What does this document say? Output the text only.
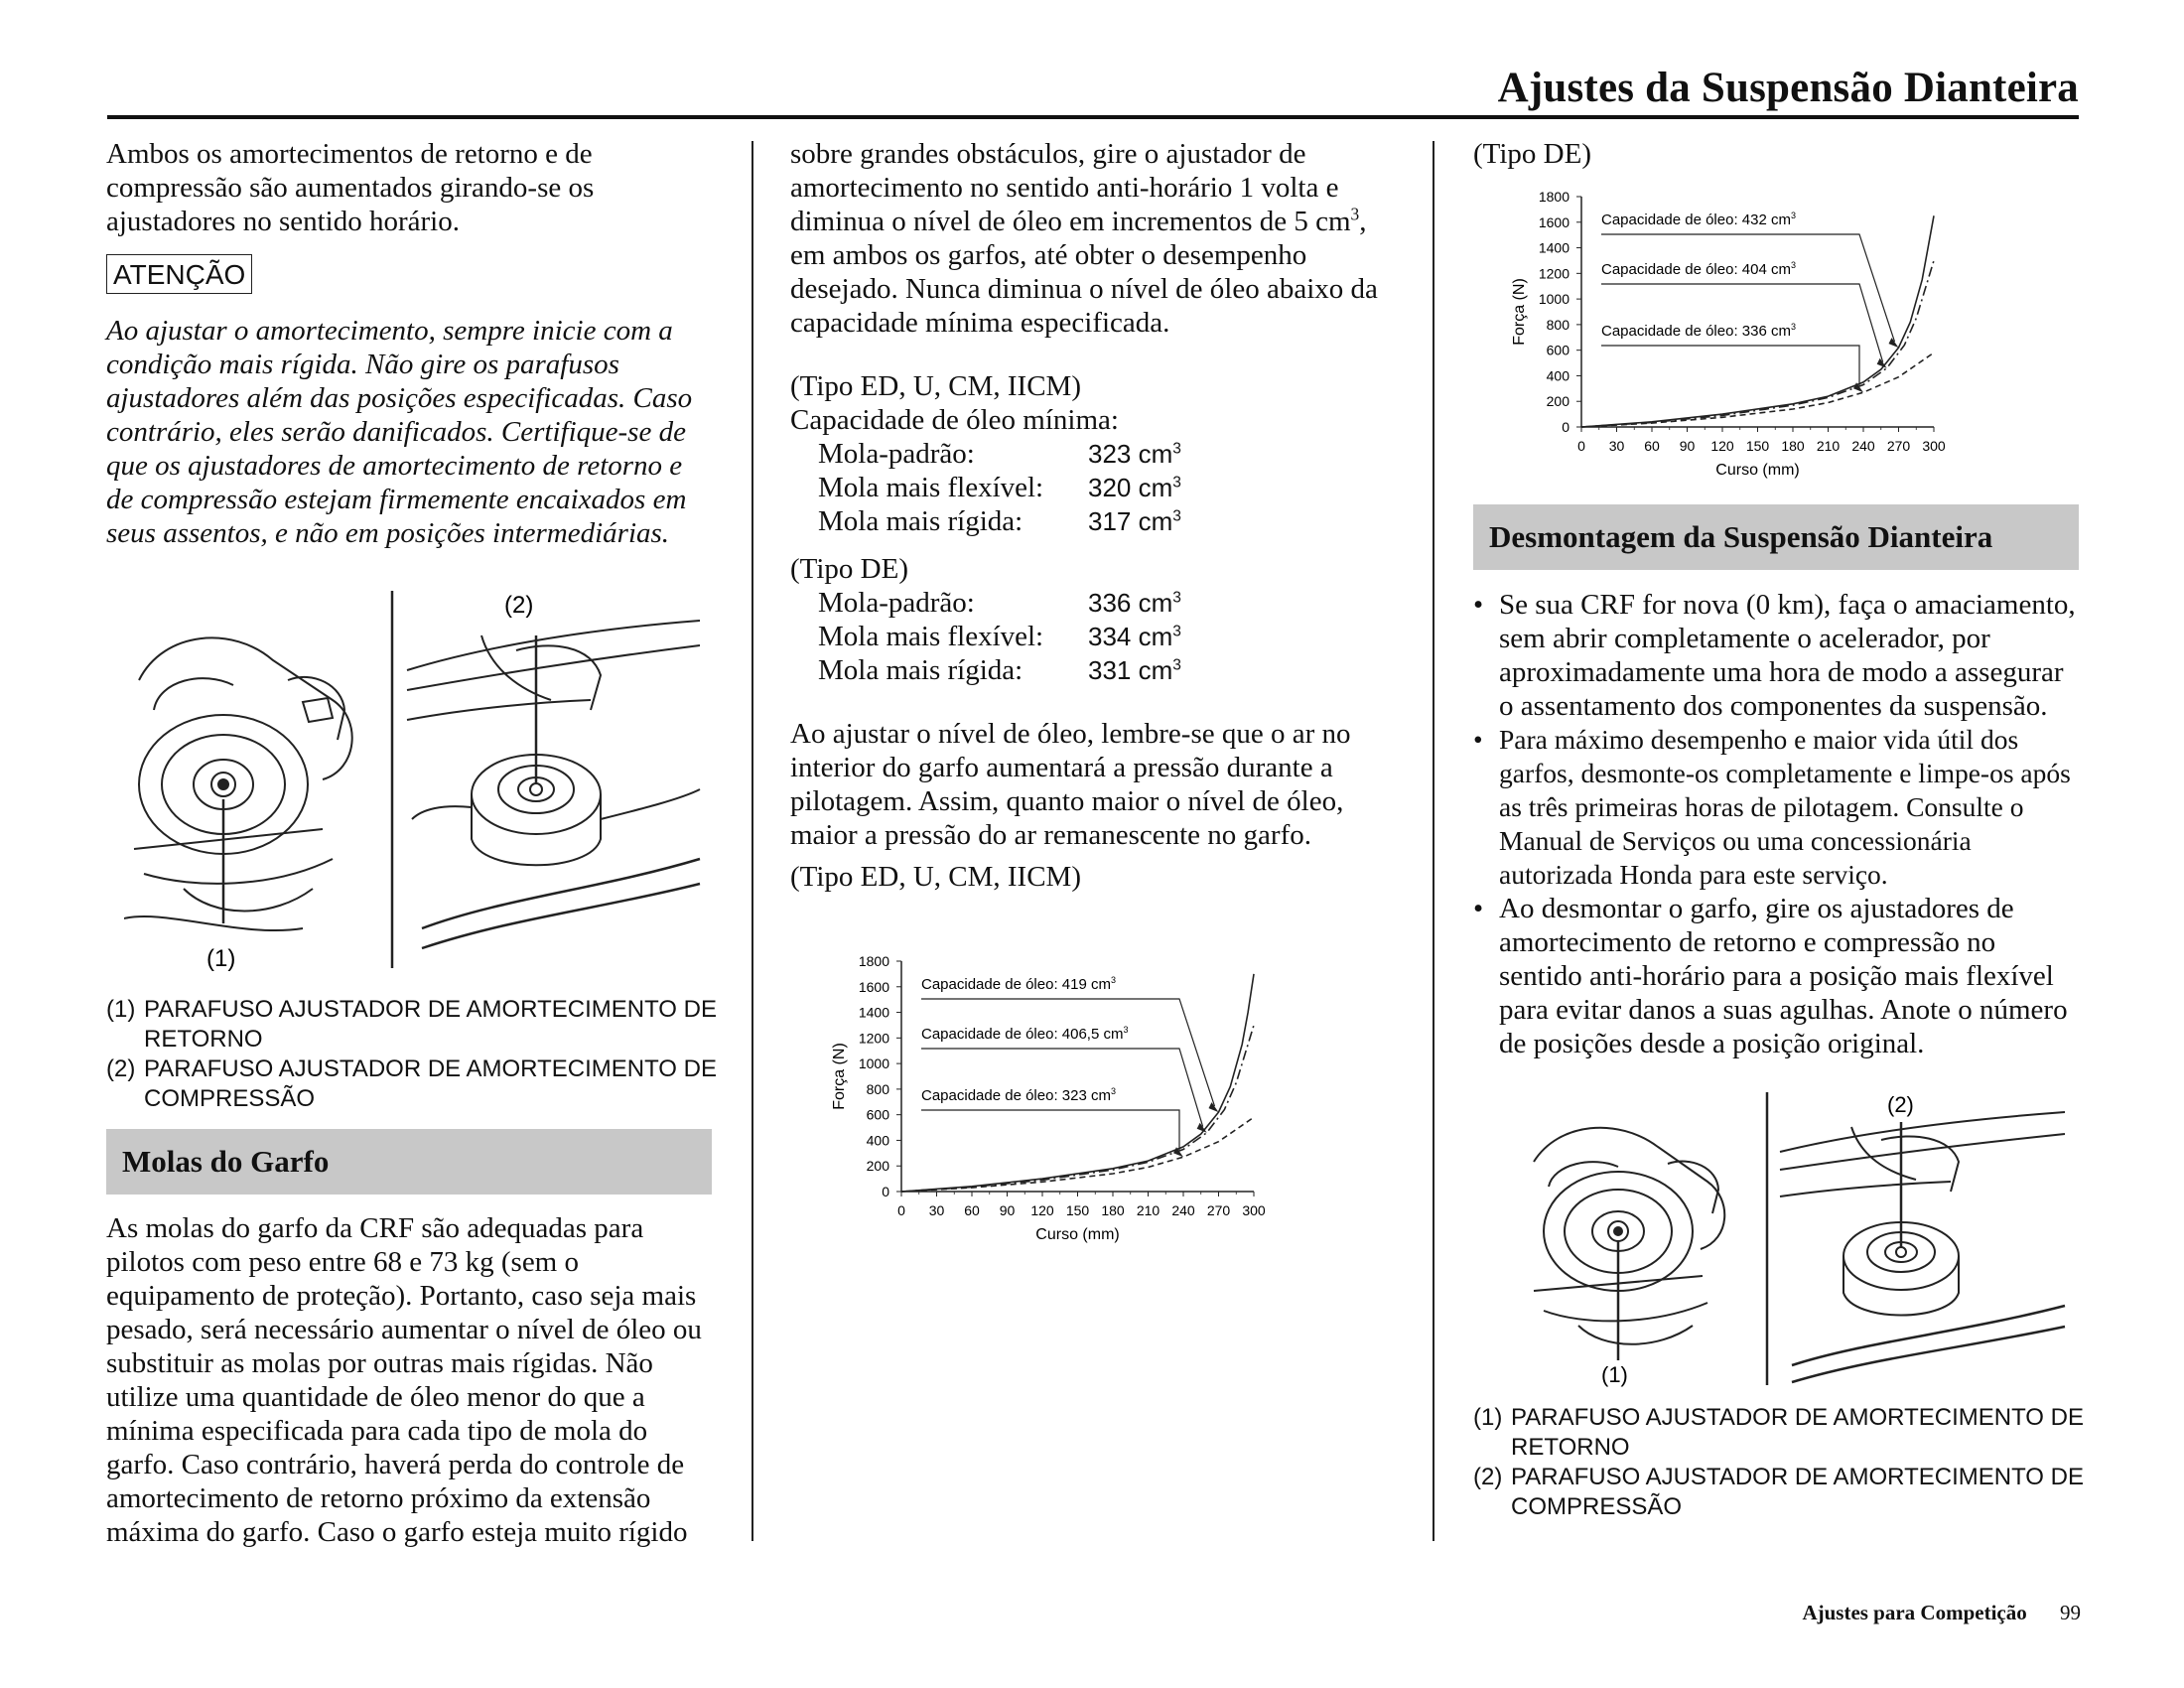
Ajustes da Suspensão Dianteira

Ambos os amortecimentos de retorno e de compressão são aumentados girando-se os ajustadores no sentido horário.

ATENÇÃO

Ao ajustar o amortecimento, sempre inicie com a condição mais rígida. Não gire os parafusos ajustadores além das posições especificadas. Caso contrário, eles serão danificados. Certifique-se de que os ajustadores de amortecimento de retorno e de compressão estejam firmemente encaixados em seus assentos, e não em posições intermediárias.

(2)
(1)
(1) PARAFUSO AJUSTADOR DE AMORTECIMENTO DE RETORNO
(2) PARAFUSO AJUSTADOR DE AMORTECIMENTO DE COMPRESSÃO
Molas do Garfo
As molas do garfo da CRF são adequadas para pilotos com peso entre 68 e 73 kg (sem o equipamento de proteção). Portanto, caso seja mais pesado, será necessário aumentar o nível de óleo ou substituir as molas por outras mais rígidas. Não utilize uma quantidade de óleo menor do que a mínima especificada para cada tipo de mola do garfo. Caso contrário, haverá perda do controle de amortecimento de retorno próximo da extensão máxima do garfo. Caso o garfo esteja muito rígido

sobre grandes obstáculos, gire o ajustador de amortecimento no sentido anti-horário 1 volta e diminua o nível de óleo em incrementos de 5 $cm^3$, em ambos os garfos, até obter o desempenho desejado. Nunca diminua o nível de óleo abaixo da capacidade mínima especificada.

(Tipo ED, U, CM, IICM)

Capacidade de óleo mínima:

Mola-padrão:	323 $cm^3$
Mola mais flexível:	320 $cm^3$
Mola mais rígida:	317 $cm^3$

(Tipo DE)

Mola-padrão:	336 $cm^3$
Mola mais flexível:	334 $cm^3$
Mola mais rígida:	331 $cm^3$

Ao ajustar o nível de óleo, lembre-se que o ar no interior do garfo aumentará a pressão durante a pilotagem. Assim, quanto maior o nível de óleo, maior a pressão do ar remanescente no garfo.

(Tipo ED, U, CM, IICM)

0
200
400
600
800
1000
1200
1400
1600
1800
0 30 60 90 120 150 180 210 240 270 300
Curso (mm)
Força (N)
Capacidade de óleo: 419 $cm^3$
Capacidade de óleo: 406,5 $cm^3$
Capacidade de óleo: 323 $cm^3$

(Tipo DE)

0
200
400
600
800
1000
1200
1400
1600
1800
0 30 60 90 120 150 180 210 240 270 300
Curso (mm)
Força (N)
Capacidade de óleo: 432 $cm^3$
Capacidade de óleo: 404 $cm^3$
Capacidade de óleo: 336 $cm^3$
Desmontagem da Suspensão Dianteira
• Se sua CRF for nova (0 km), faça o amaciamento, sem abrir completamente o acelerador, por aproximadamente uma hora de modo a assegurar o assentamento dos componentes da suspensão.
• Para máximo desempenho e maior vida útil dos garfos, desmonte-os completamente e limpe-os após as três primeiras horas de pilotagem. Consulte o Manual de Serviços ou uma concessionária autorizada Honda para este serviço.
• Ao desmontar o garfo, gire os ajustadores de amortecimento de retorno e compressão no sentido anti-horário para a posição mais flexível para evitar danos a suas agulhas. Anote o número de posições desde a posição original.
(2)
(1)
(1) PARAFUSO AJUSTADOR DE AMORTECIMENTO DE RETORNO
(2) PARAFUSO AJUSTADOR DE AMORTECIMENTO DE COMPRESSÃO
Ajustes para Competição 99
